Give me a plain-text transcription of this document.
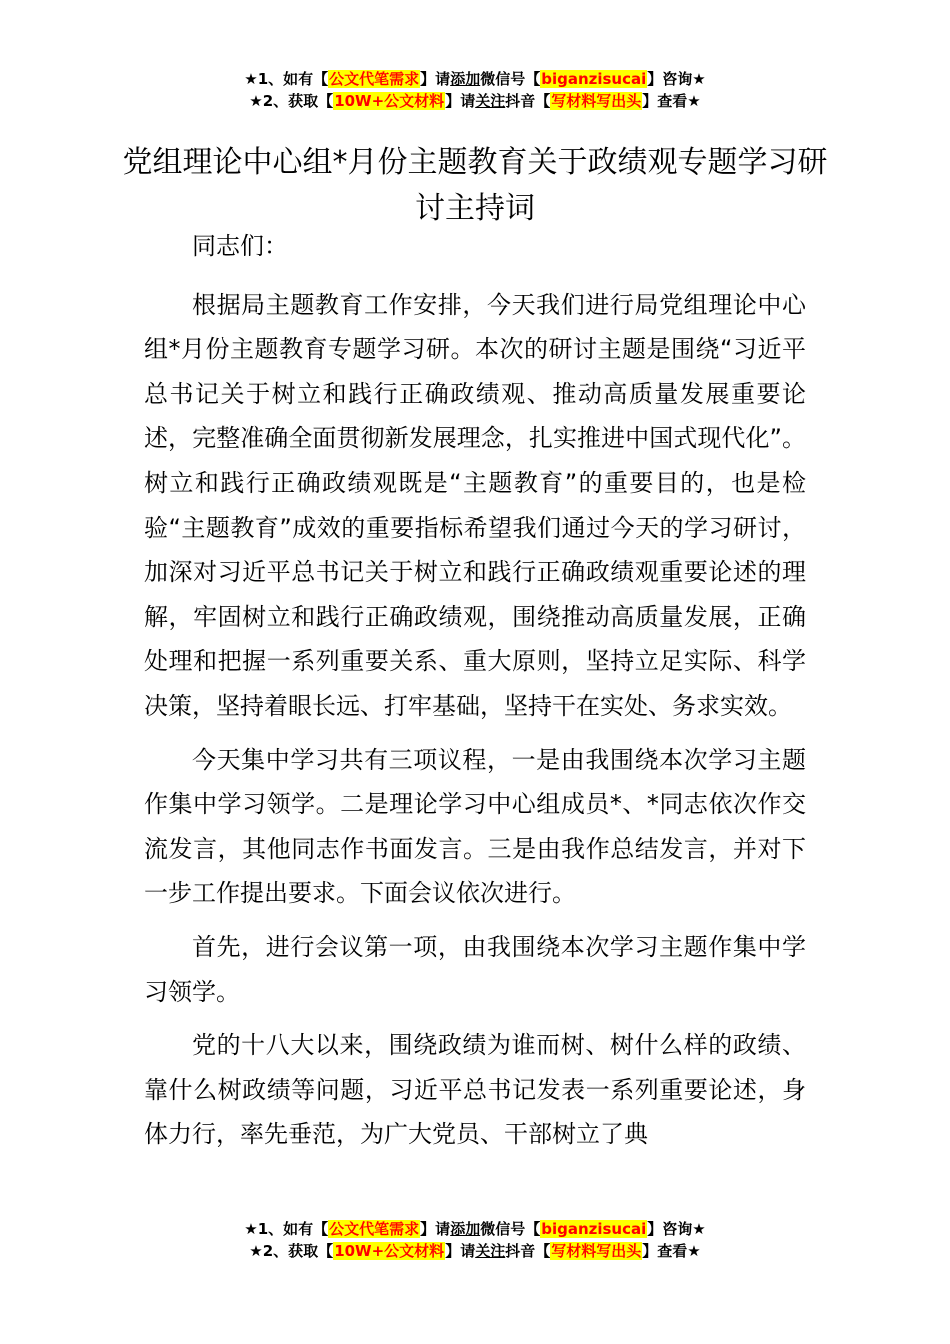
★1、如有【公文代笔需求】请添加微信号【biganzisucai】咨询★
★2、获取【10W+公文材料】请关注抖音【写材料写出头】查看★
党组理论中心组*月份主题教育关于政绩观专题学习研讨主持词

同志们：

根据局主题教育工作安排，今天我们进行局党组理论中心组*月份主题教育专题学习研。本次的研讨主题是围绕“习近平总书记关于树立和践行正确政绩观、推动高质量发展重要论述，完整准确全面贯彻新发展理念，扎实推进中国式现代化”。树立和践行正确政绩观既是“主题教育”的重要目的，也是检验“主题教育”成效的重要指标希望我们通过今天的学习研讨，加深对习近平总书记关于树立和践行正确政绩观重要论述的理解，牢固树立和践行正确政绩观，围绕推动高质量发展，正确处理和把握一系列重要关系、重大原则，坚持立足实际、科学决策，坚持着眼长远、打牢基础，坚持干在实处、务求实效。

今天集中学习共有三项议程，一是由我围绕本次学习主题作集中学习领学。二是理论学习中心组成员*、*同志依次作交流发言，其他同志作书面发言。三是由我作总结发言，并对下一步工作提出要求。下面会议依次进行。

首先，进行会议第一项，由我围绕本次学习主题作集中学习领学。

党的十八大以来，围绕政绩为谁而树、树什么样的政绩、靠什么树政绩等问题，习近平总书记发表一系列重要论述，身体力行，率先垂范，为广大党员、干部树立了典

★1、如有【公文代笔需求】请添加微信号【biganzisucai】咨询★
★2、获取【10W+公文材料】请关注抖音【写材料写出头】查看★
